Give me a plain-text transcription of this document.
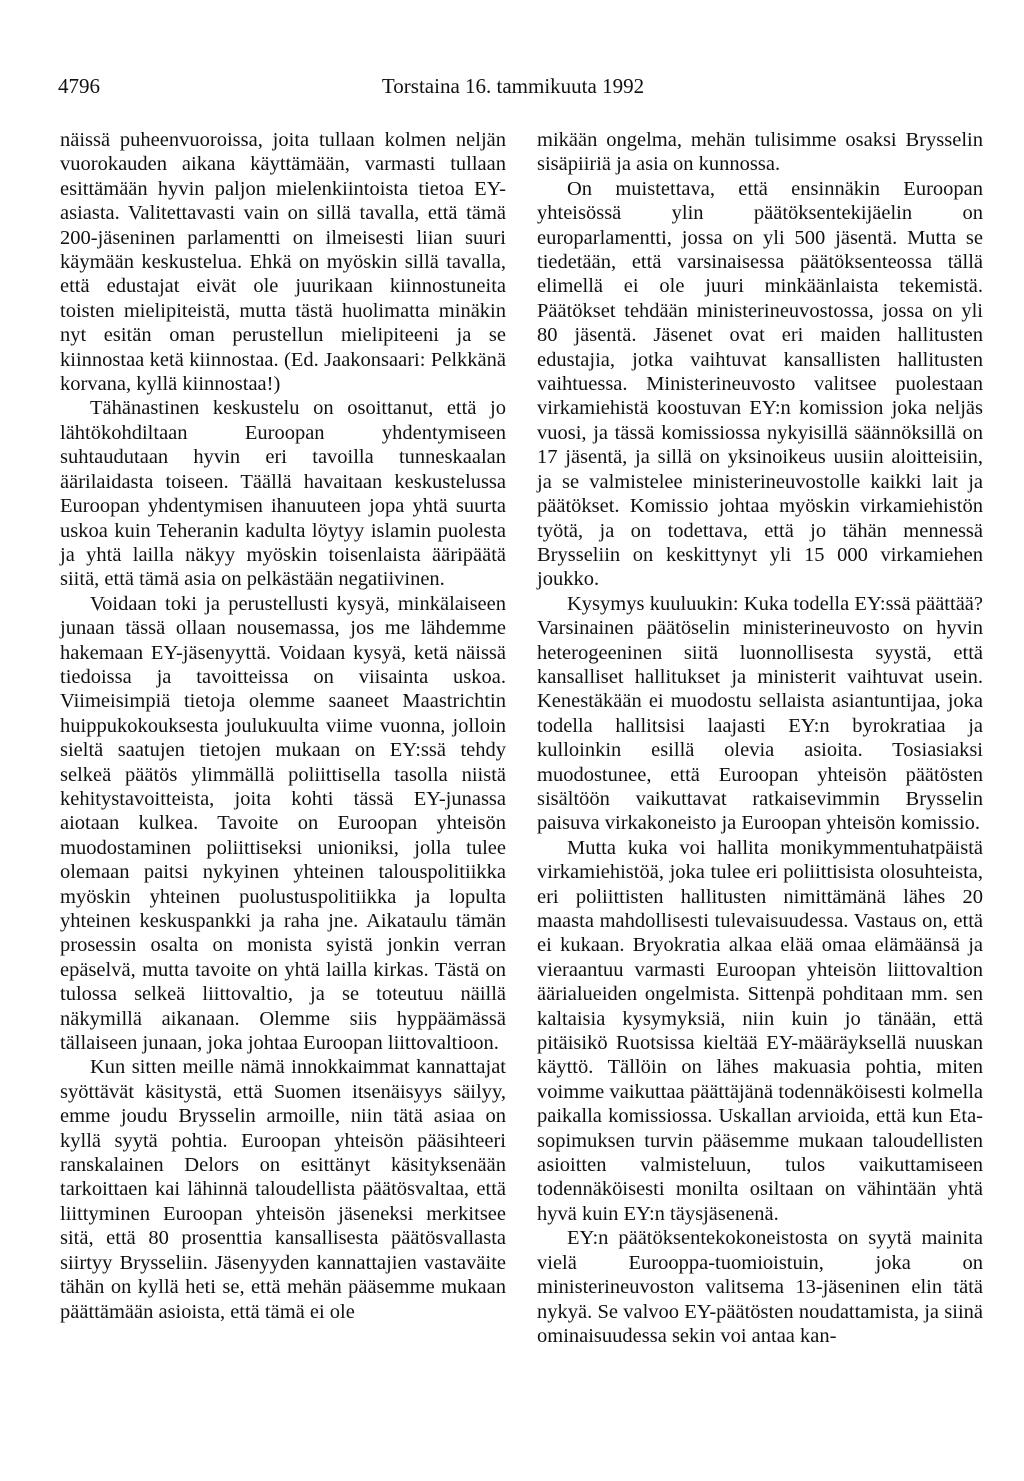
4796	Torstaina 16. tammikuuta 1992

näissä puheenvuoroissa, joita tullaan kolmen neljän vuorokauden aikana käyttämään, varmasti tullaan esittämään hyvin paljon mielenkiintoista tietoa EY-asiasta. Valitettavasti vain on sillä tavalla, että tämä 200-jäseninen parlamentti on ilmeisesti liian suuri käymään keskustelua. Ehkä on myöskin sillä tavalla, että edustajat eivät ole juurikaan kiinnostuneita toisten mielipiteistä, mutta tästä huolimatta minäkin nyt esitän oman perustellun mielipiteeni ja se kiinnostaa ketä kiinnostaa. (Ed. Jaakonsaari: Pelkkänä korvana, kyllä kiinnostaa!)

Tähänastinen keskustelu on osoittanut, että jo lähtökohdiltaan Euroopan yhdentymiseen suhtaudutaan hyvin eri tavoilla tunneskaalan äärilaidasta toiseen. Täällä havaitaan keskustelussa Euroopan yhdentymisen ihanuuteen jopa yhtä suurta uskoa kuin Teheranin kadulta löytyy islamin puolesta ja yhtä lailla näkyy myöskin toisenlaista ääripäätä siitä, että tämä asia on pelkästään negatiivinen.

Voidaan toki ja perustellusti kysyä, minkälaiseen junaan tässä ollaan nousemassa, jos me lähdemme hakemaan EY-jäsenyyttä. Voidaan kysyä, ketä näissä tiedoissa ja tavoitteissa on viisainta uskoa. Viimeisimpiä tietoja olemme saaneet Maastrichtin huippukokouksesta joulukuulta viime vuonna, jolloin sieltä saatujen tietojen mukaan on EY:ssä tehdy selkeä päätös ylimmällä poliittisella tasolla niistä kehitystavoitteista, joita kohti tässä EY-junassa aiotaan kulkea. Tavoite on Euroopan yhteisön muodostaminen poliittiseksi unioniksi, jolla tulee olemaan paitsi nykyinen yhteinen talouspolitiikka myöskin yhteinen puolustuspolitiikka ja lopulta yhteinen keskuspankki ja raha jne. Aikataulu tämän prosessin osalta on monista syistä jonkin verran epäselvä, mutta tavoite on yhtä lailla kirkas. Tästä on tulossa selkeä liittovaltio, ja se toteutuu näillä näkymillä aikanaan. Olemme siis hyppäämässä tällaiseen junaan, joka johtaa Euroopan liittovaltioon.

Kun sitten meille nämä innokkaimmat kannattajat syöttävät käsitystä, että Suomen itsenäisyys säilyy, emme joudu Brysselin armoille, niin tätä asiaa on kyllä syytä pohtia. Euroopan yhteisön pääsihteeri ranskalainen Delors on esittänyt käsityksenään tarkoittaen kai lähinnä taloudellista päätösvaltaa, että liittyminen Euroopan yhteisön jäseneksi merkitsee sitä, että 80 prosenttia kansallisesta päätösvallasta siirtyy Brysseliin. Jäsenyyden kannattajien vastaväite tähän on kyllä heti se, että mehän pääsemme mukaan päättämään asioista, että tämä ei ole

mikään ongelma, mehän tulisimme osaksi Brysselin sisäpiiriä ja asia on kunnossa.

On muistettava, että ensinnäkin Euroopan yhteisössä ylin päätöksentekijäelin on europarlamentti, jossa on yli 500 jäsentä. Mutta se tiedetään, että varsinaisessa päätöksenteossa tällä elimellä ei ole juuri minkäänlaista tekemistä. Päätökset tehdään ministerineuvostossa, jossa on yli 80 jäsentä. Jäsenet ovat eri maiden hallitusten edustajia, jotka vaihtuvat kansallisten hallitusten vaihtuessa. Ministerineuvosto valitsee puolestaan virkamiehistä koostuvan EY:n komission joka neljäs vuosi, ja tässä komissiossa nykyisillä säännöksillä on 17 jäsentä, ja sillä on yksinoikeus uusiin aloitteisiin, ja se valmistelee ministerineuvostolle kaikki lait ja päätökset. Komissio johtaa myöskin virkamiehistön työtä, ja on todettava, että jo tähän mennessä Brysseliin on keskittynyt yli 15 000 virkamiehen joukko.

Kysymys kuuluukin: Kuka todella EY:ssä päättää? Varsinainen päätöselin ministerineuvosto on hyvin heterogeeninen siitä luonnollisesta syystä, että kansalliset hallitukset ja ministerit vaihtuvat usein. Kenestäkään ei muodostu sellaista asiantuntijaa, joka todella hallitsisi laajasti EY:n byrokratiaa ja kulloinkin esillä olevia asioita. Tosiasiaksi muodostunee, että Euroopan yhteisön päätösten sisältöön vaikuttavat ratkaisevimmin Brysselin paisuva virkakoneisto ja Euroopan yhteisön komissio.

Mutta kuka voi hallita monikymmentuhatpäistä virkamiehistöä, joka tulee eri poliittisista olosuhteista, eri poliittisten hallitusten nimittämänä lähes 20 maasta mahdollisesti tulevaisuudessa. Vastaus on, että ei kukaan. Bryokratia alkaa elää omaa elämäänsä ja vieraantuu varmasti Euroopan yhteisön liittovaltion äärialueiden ongelmista. Sittenpä pohditaan mm. sen kaltaisia kysymyksiä, niin kuin jo tänään, että pitäisikö Ruotsissa kieltää EY-määräyksellä nuuskan käyttö. Tällöin on lähes makuasia pohtia, miten voimme vaikuttaa päättäjänä todennäköisesti kolmella paikalla komissiossa. Uskallan arvioida, että kun Eta-sopimuksen turvin pääsemme mukaan taloudellisten asioitten valmisteluun, tulos vaikuttamiseen todennäköisesti monilta osiltaan on vähintään yhtä hyvä kuin EY:n täysjäsenenä.

EY:n päätöksentekokoneistosta on syytä mainita vielä Eurooppa-tuomioistuin, joka on ministerineuvoston valitsema 13-jäseninen elin tätä nykyä. Se valvoo EY-päätösten noudattamista, ja siinä ominaisuudessa sekin voi antaa kan-
